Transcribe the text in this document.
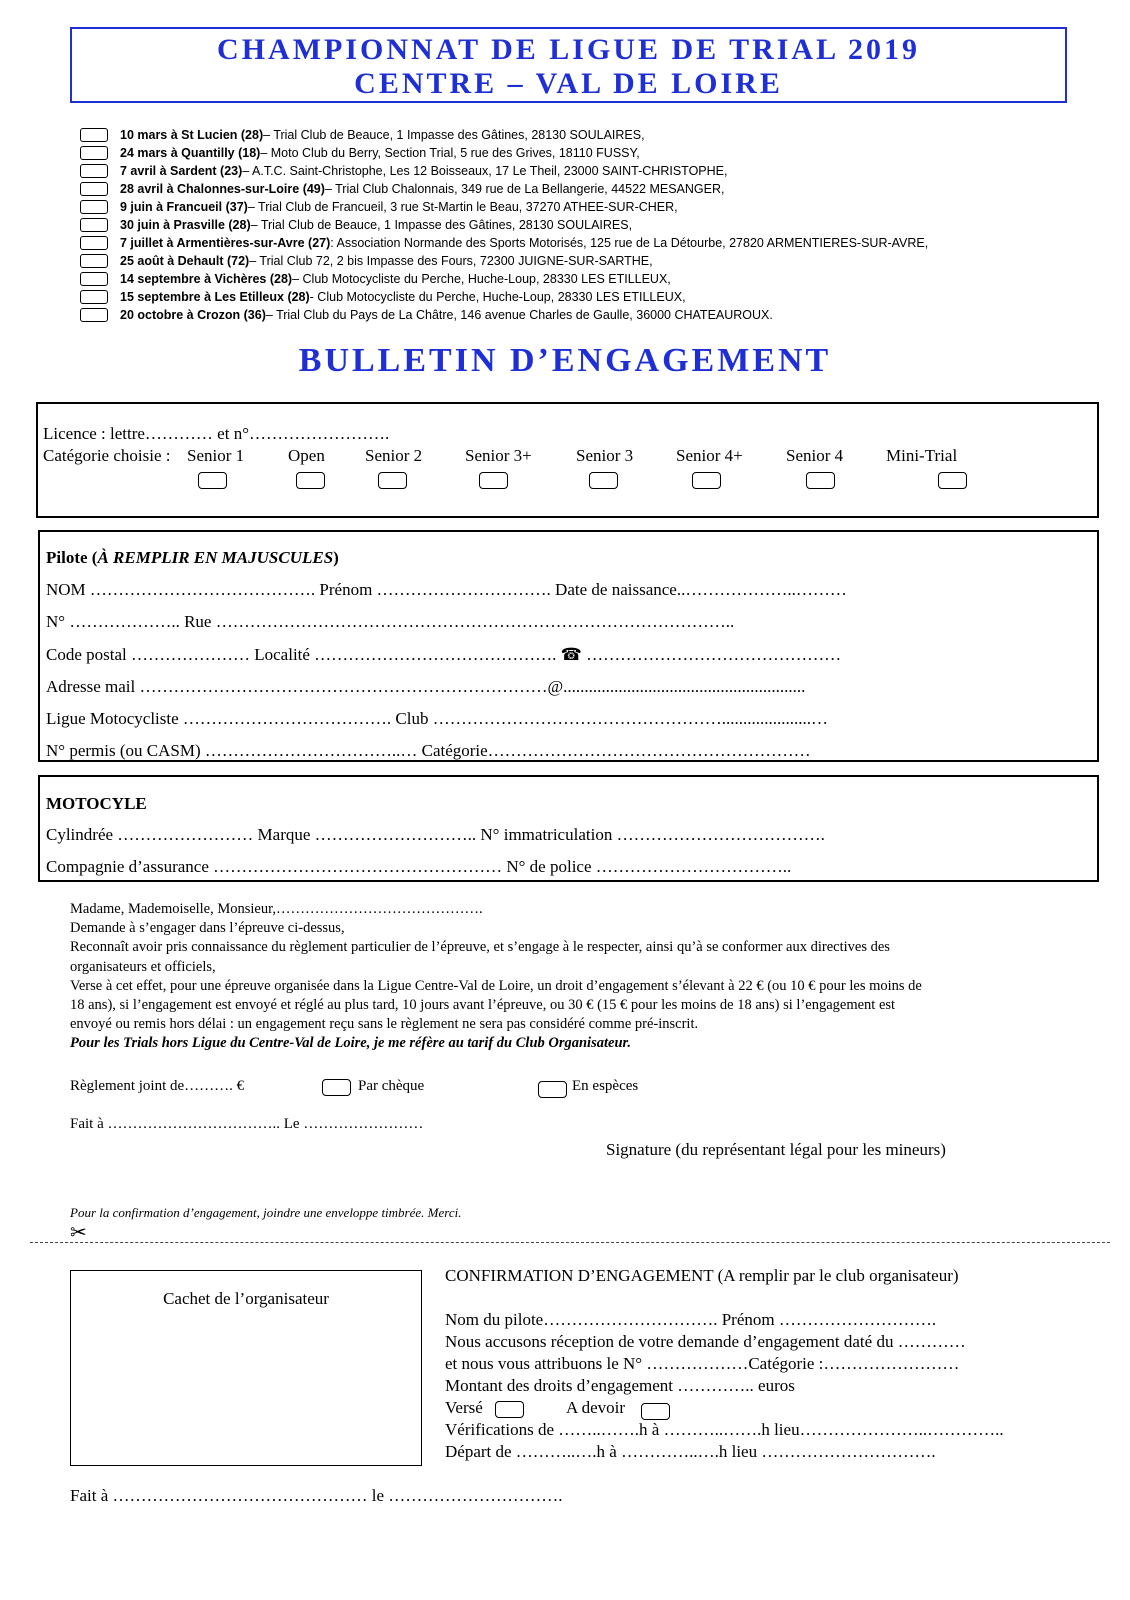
CHAMPIONNAT DE LIGUE DE TRIAL 2019
CENTRE – VAL DE LOIRE
10 mars à St Lucien (28) – Trial Club de Beauce, 1 Impasse des Gâtines, 28130 SOULAIRES,
24 mars à Quantilly (18) – Moto Club du Berry, Section Trial, 5 rue des Grives, 18110 FUSSY,
7 avril à Sardent (23) – A.T.C. Saint-Christophe, Les 12 Boisseaux, 17 Le Theil, 23000 SAINT-CHRISTOPHE,
28 avril à Chalonnes-sur-Loire (49) – Trial Club Chalonnais, 349 rue de La Bellangerie, 44522 MESANGER,
9 juin à Francueil (37) – Trial Club de Francueil, 3 rue St-Martin le Beau, 37270 ATHEE-SUR-CHER,
30 juin à Prasville (28) – Trial Club de Beauce, 1 Impasse des Gâtines, 28130 SOULAIRES,
7 juillet à Armentières-sur-Avre (27) : Association Normande des Sports Motorisés, 125 rue de La Détourbe, 27820 ARMENTIERES-SUR-AVRE,
25 août à Dehault (72) – Trial Club 72, 2 bis Impasse des Fours, 72300 JUIGNE-SUR-SARTHE,
14 septembre à Vichères (28) – Club Motocycliste du Perche, Huche-Loup, 28330 LES ETILLEUX,
15 septembre à Les Etilleux (28) - Club Motocycliste du Perche, Huche-Loup, 28330 LES ETILLEUX,
20 octobre à Crozon (36) – Trial Club du Pays de La Châtre, 146 avenue Charles de Gaulle, 36000 CHATEAUROUX.
BULLETIN D’ENGAGEMENT
Licence : lettre………… et n°…………………….
Catégorie choisie : Senior 1	Open Senior 2	Senior 3+	Senior 3	Senior 4+	Senior 4	Mini-Trial
Pilote (À REMPLIR EN MAJUSCULES)
NOM …………………………………. Prénom …………………………. Date de naissance..………………..………
N° ……………….. Rue ………………………………………………………………………………..
Code postal ………………… Localité ……………………………………. ☎ ………………………………………
Adresse mail ………………………………………………………………@.........................................................
Ligue Motocycliste ………………………………. Club …………………………………………….....................…
N° permis (ou CASM) ……………………………..… Catégorie…………………………………………………
MOTOCYLE
Cylindrée …………………… Marque ……………………….. N° immatriculation ……………………………….
Compagnie d’assurance …………………………………………… N° de police ……………………………..
Madame, Mademoiselle, Monsieur,…………………………………….
Demande à s’engager dans l’épreuve ci-dessus,
Reconnaît avoir pris connaissance du règlement particulier de l’épreuve, et s’engage à le respecter, ainsi qu’à se conformer aux directives des
organisateurs et officiels,
Verse à cet effet, pour une épreuve organisée dans la Ligue Centre-Val de Loire, un droit d’engagement s’élevant à 22 € (ou 10 € pour les moins de
18 ans), si l’engagement est envoyé et réglé au plus tard, 10 jours avant l’épreuve, ou 30 € (15 € pour les moins de 18 ans) si l’engagement est
envoyé ou remis hors délai : un engagement reçu sans le règlement ne sera pas considéré comme pré-inscrit.
Pour les Trials hors Ligue du Centre-Val de Loire, je me réfère au tarif du Club Organisateur.
Règlement joint de………. €	Par chèque	En espèces
Fait à …………………………….. Le ……………………
Signature (du représentant légal pour les mineurs)
Pour la confirmation d’engagement, joindre une enveloppe timbrée. Merci.
✂
Cachet de l’organisateur
CONFIRMATION D’ENGAGEMENT (A remplir par le club organisateur)
Nom du pilote…………………………. Prénom ……………………….
Nous accusons réception de votre demande d’engagement daté du …………
et nous vous attribuons le N° ………………Catégorie :……………………
Montant des droits d’engagement ………….. euros
Versé	A devoir
Vérifications de ……..…….h à ………..…….h lieu…………………..…………..
Départ de ………..….h à …………..….h lieu ………………………….
Fait à ……………………………………… le ………………………….
